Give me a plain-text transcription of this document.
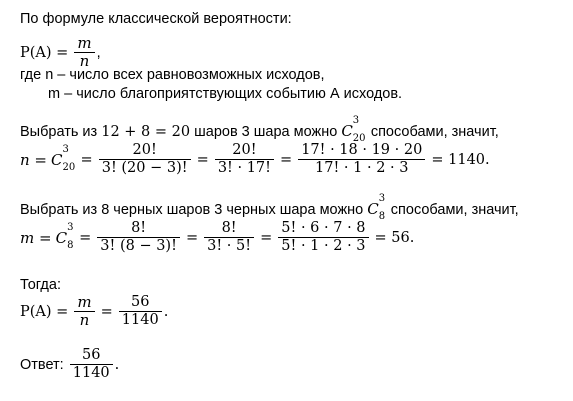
По формуле классической вероятности:
$P(A) = \frac{m}{n}$ ,
где n – число всех равновозможных исходов,
m – число благоприятствующих событию А исходов.
Выбрать из 12 + 8 = 20 шаров 3 шара можно C
3
20 способами, значит,
n = C
3
$20 = \frac{20!}{3! (20 - 3)!} = \frac{20!}{3! \cdot 17!} = \frac{17! \cdot 18 \cdot 19 \cdot 20}{17! \cdot 1 \cdot 2 \cdot 3} = 1140$.
Выбрать из 8 черных шаров 3 черных шара можно C
3
8 способами, значит,
m = C
3
$8 = \frac{8!}{3! (8 - 3)!} = \frac{8!}{3! \cdot 5!} = \frac{5! \cdot 6 \cdot 7 \cdot 8}{5! \cdot 1 \cdot 2 \cdot 3} = 56$.
Тогда:
$P(A) = \frac{m}{n} = \frac{56}{1140}$ .
Ответ: $\frac{56}{1140}$ .
